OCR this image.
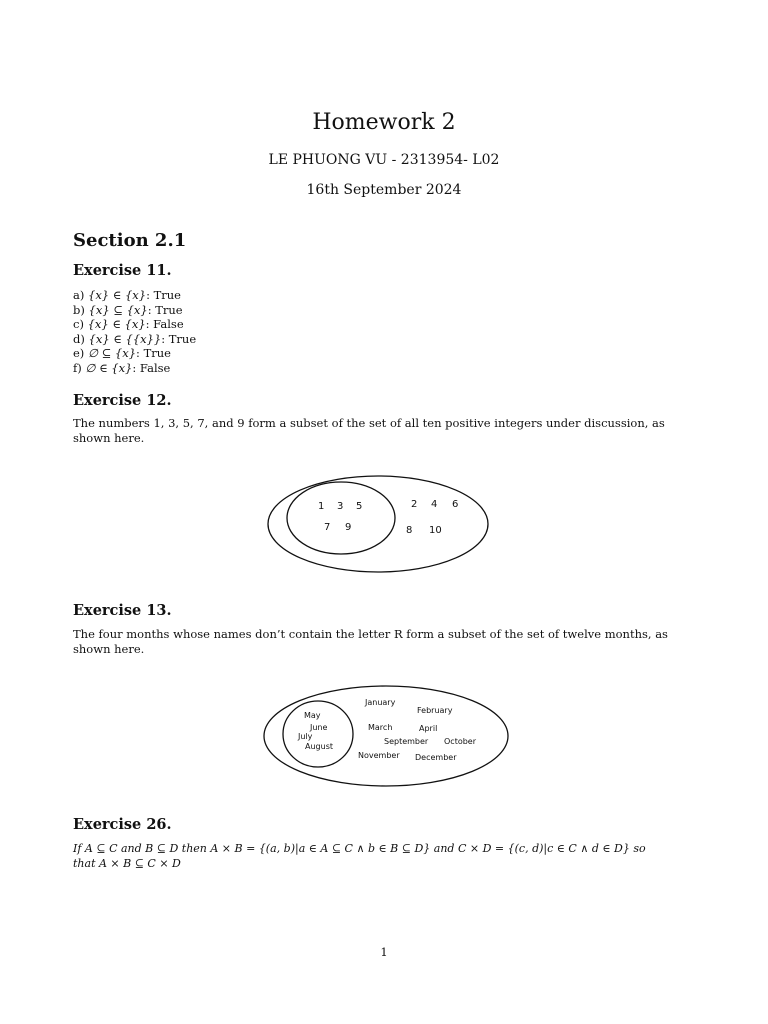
Homework 2
LE PHUONG VU - 2313954- L02
16th September 2024
Section 2.1
Exercise 11.
a) {x} ∈ {x}: True
b) {x} ⊆ {x}: True
c) {x} ∈ {x}: False
d) {x} ∈ {{x}}: True
e) ∅ ⊆ {x}: True
f) ∅ ∈ {x}: False
Exercise 12.
The numbers 1, 3, 5, 7, and 9 form a subset of the set of all ten positive integers under discussion, as shown here.
1 3 5
7 9
2 4 6
8 10
Exercise 13.
The four months whose names don’t contain the letter R form a subset of the set of twelve months, as shown here.
May
June
July
August
January
February
March	April
September October
November December
Exercise 26.
If A ⊆ C and B ⊆ D then A × B = {(a, b)|a ∈ A ⊆ C ∧ b ∈ B ⊆ D} and C × D = {(c, d)|c ∈ C ∧ d ∈ D} so
that A × B ⊆ C × D
1
